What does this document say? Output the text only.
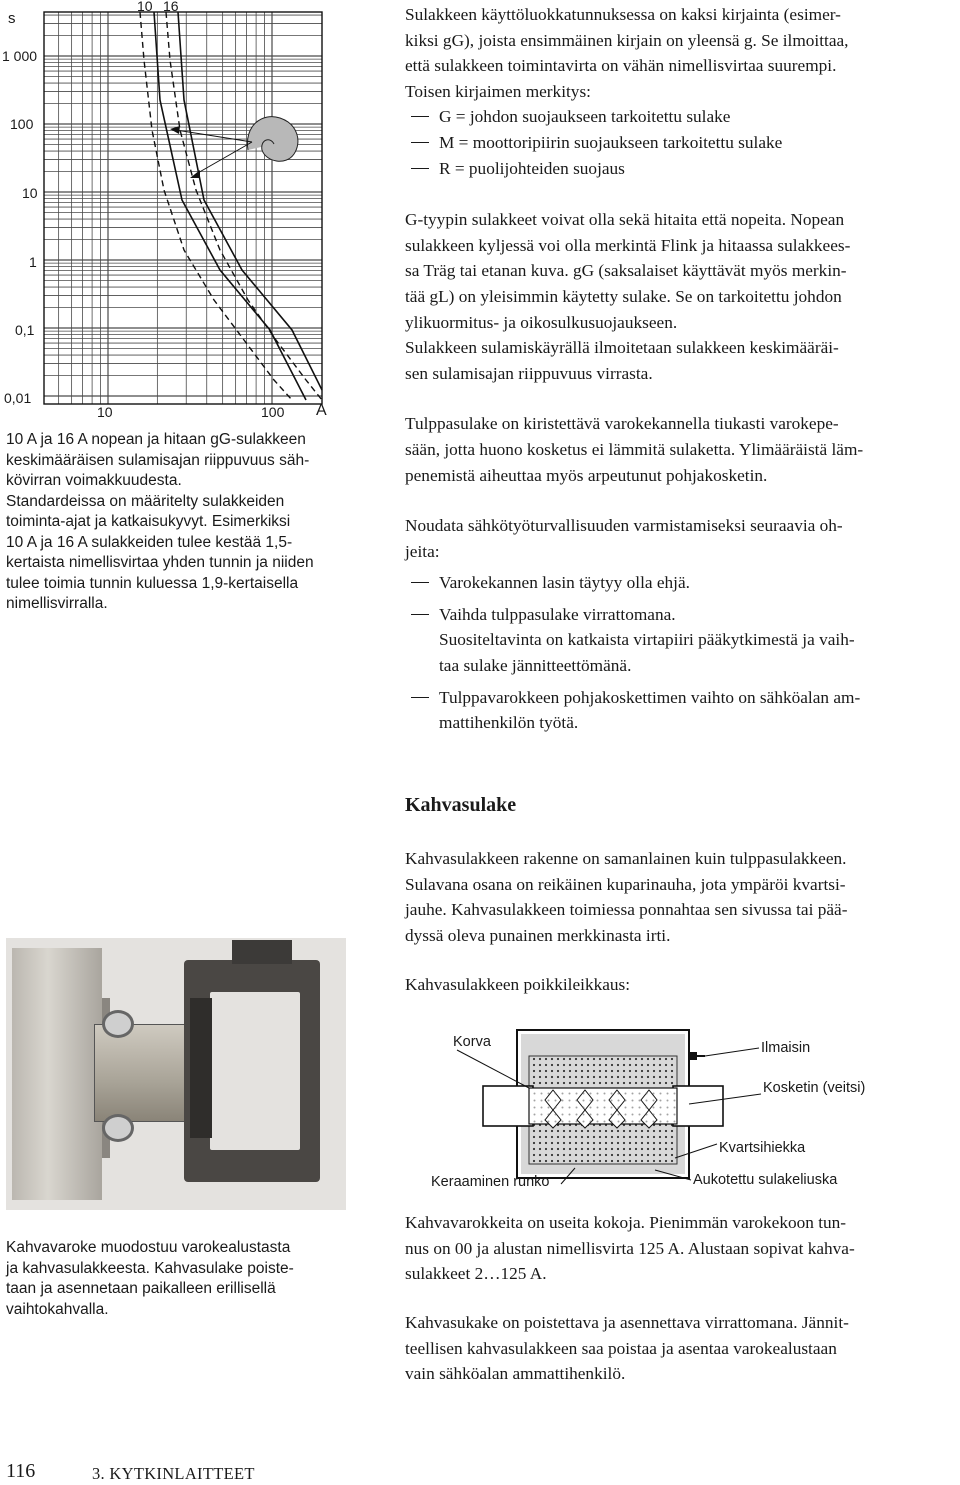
s
1 000
100
10
1
0,1
0,01
10	100 A
10 16

10 A ja 16 A nopean ja hitaan gG-sulakkeen
keskimääräisen sulamisajan riippuvuus säh-
kövirran voimakkuudesta.
Standardeissa on määritelty sulakkeiden
toiminta-ajat ja katkaisukyvyt. Esimerkiksi
10 A ja 16 A sulakkeiden tulee kestää 1,5-
kertaista nimellisvirtaa yhden tunnin ja niiden
tulee toimia tunnin kuluessa 1,9-kertaisella
nimellisvirralla.

Sulakkeen käyttöluokkatunnuksessa on kaksi kirjainta (esimer-
kiksi gG), joista ensimmäinen kirjain on yleensä g. Se ilmoittaa,
että sulakkeen toimintavirta on vähän nimellisvirtaa suurempi.
Toisen kirjaimen merkitys:

G = johdon suojaukseen tarkoitettu sulake
M = moottoripiirin suojaukseen tarkoitettu sulake
R = puolijohteiden suojaus

G-tyypin sulakkeet voivat olla sekä hitaita että nopeita. Nopean
sulakkeen kyljessä voi olla merkintä Flink ja hitaassa sulakkees-
sa Träg tai etanan kuva. gG (saksalaiset käyttävät myös merkin-
tää gL) on yleisimmin käytetty sulake. Se on tarkoitettu johdon
ylikuormitus- ja oikosulkusuojaukseen.
Sulakkeen sulamiskäyrällä ilmoitetaan sulakkeen keskimääräi-
sen sulamisajan riippuvuus virrasta.

Tulppasulake on kiristettävä varokekannella tiukasti varokepe-
sään, jotta huono kosketus ei lämmitä sulaketta. Ylimääräistä läm-
penemistä aiheuttaa myös arpeutunut pohjakosketin.

Noudata sähkötyöturvallisuuden varmistamiseksi seuraavia oh-
jeita:

Varokekannen lasin täytyy olla ehjä.
Vaihda tulppasulake virrattomana.
Suositeltavinta on katkaista virtapiiri pääkytkimestä ja vaih-
taa sulake jännitteettömänä.
Tulppavarokkeen pohjakoskettimen vaihto on sähköalan am-
mattihenkilön työtä.
Kahvasulake

Kahvasulakkeen rakenne on samanlainen kuin tulppasulakkeen.
Sulavana osana on reikäinen kuparinauha, jota ympäröi kvartsi-
jauhe. Kahvasulakkeen toimiessa ponnahtaa sen sivussa tai pää-
dyssä oleva punainen merkkinasta irti.

Kahvasulakkeen poikkileikkaus:

Korva	Ilmaisin
Kosketin (veitsi)
Kvartsihiekka
Keraaminen runko	Aukotettu sulakeliuska

Kahvavarokkeita on useita kokoja. Pienimmän varokekoon tun-
nus on 00 ja alustan nimellisvirta 125 A. Alustaan sopivat kahva-
sulakkeet 2…125 A.

Kahvasukake on poistettava ja asennettava virrattomana. Jännit-
teellisen kahvasulakkeen saa poistaa ja asentaa varokealustaan
vain sähköalan ammattihenkilö.

Kahvavaroke muodostuu varokealustasta
ja kahvasulakkeesta. Kahvasulake poiste-
taan ja asennetaan paikalleen erillisellä
vaihtokahvalla.

116	3. KYTKINLAITTEET
